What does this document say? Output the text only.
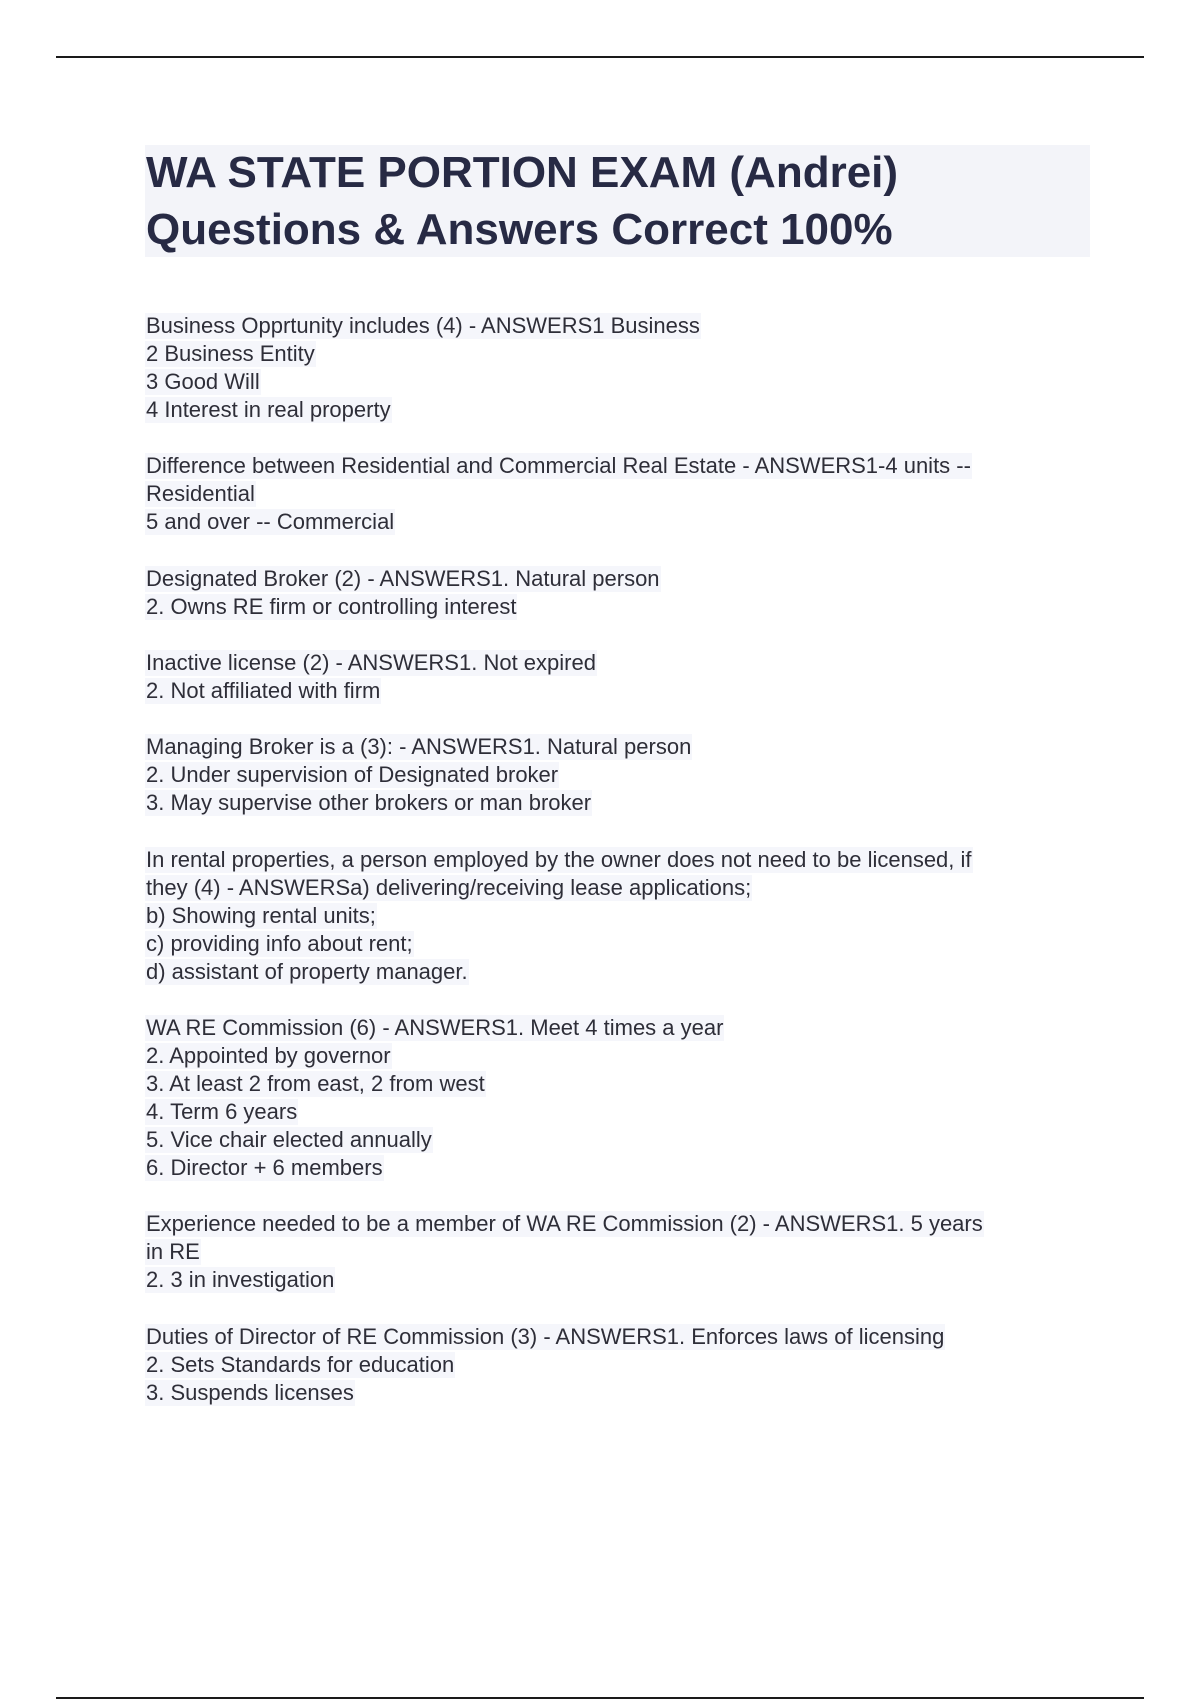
WA STATE PORTION EXAM (Andrei)
Questions & Answers Correct 100%
Business Opprtunity includes (4) - ANSWERS1 Business
2 Business Entity
3 Good Will
4 Interest in real property
Difference between Residential and Commercial Real Estate - ANSWERS1-4 units --
Residential
5 and over -- Commercial
Designated Broker (2) - ANSWERS1. Natural person
2. Owns RE firm or controlling interest
Inactive license (2) - ANSWERS1. Not expired
2. Not affiliated with firm
Managing Broker is a (3): - ANSWERS1. Natural person
2. Under supervision of Designated broker
3. May supervise other brokers or man broker
In rental properties, a person employed by the owner does not need to be licensed, if
they (4) - ANSWERSa) delivering/receiving lease applications;
b) Showing rental units;
c) providing info about rent;
d) assistant of property manager.
WA RE Commission (6) - ANSWERS1. Meet 4 times a year
2. Appointed by governor
3. At least 2 from east, 2 from west
4. Term 6 years
5. Vice chair elected annually
6. Director + 6 members
Experience needed to be a member of WA RE Commission (2) - ANSWERS1. 5 years
in RE
2. 3 in investigation
Duties of Director of RE Commission (3) - ANSWERS1. Enforces laws of licensing
2. Sets Standards for education
3. Suspends licenses
